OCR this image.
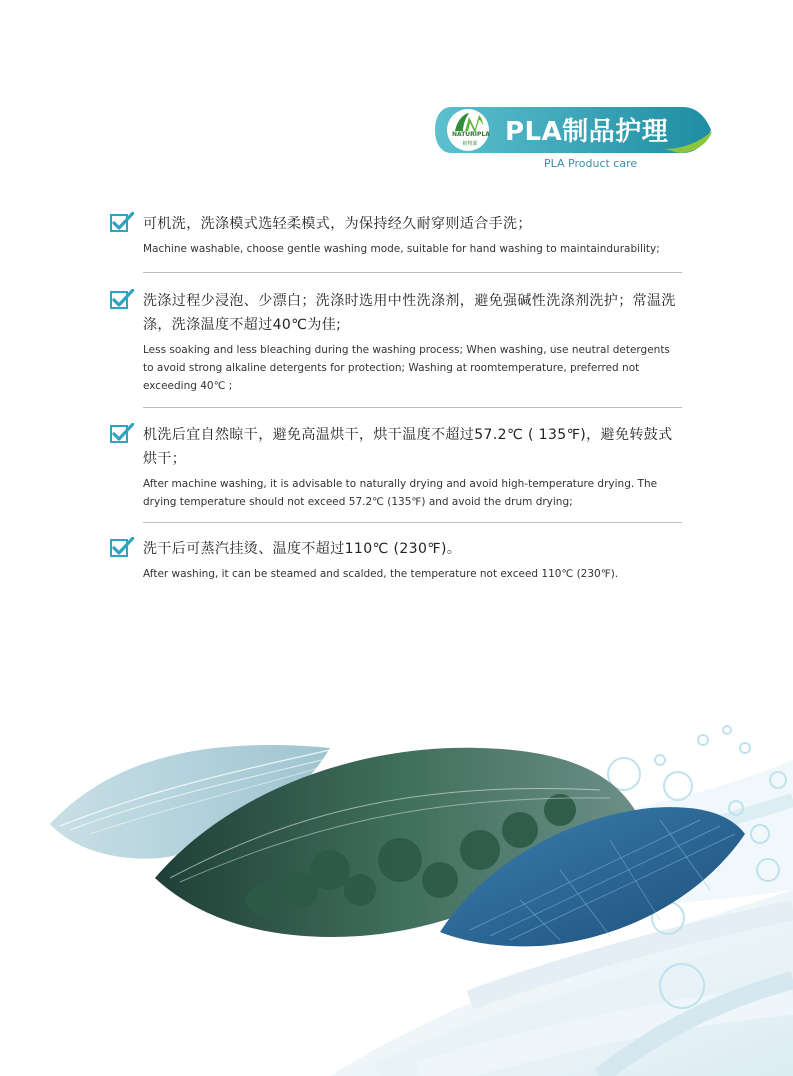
PLA制品护理
NATURIPLA
植物源
PLA Product care
可机洗，洗涤模式选轻柔模式，为保持经久耐穿则适合手洗；
Machine washable, choose gentle washing mode, suitable for hand washing to maintaindurability;
洗涤过程少浸泡、少漂白；洗涤时选用中性洗涤剂，避免强碱性洗涤剂洗护；常温洗涤，洗涤温度不超过40℃为佳;
Less soaking and less bleaching during the washing process; When washing, use neutral detergents to avoid strong alkaline detergents for protection; Washing at roomtemperature, preferred not exceeding 40℃ ;
机洗后宜自然晾干，避免高温烘干，烘干温度不超过57.2℃ ( 135℉)，避免转鼓式烘干；
After machine washing, it is advisable to naturally drying and avoid high-temperature drying. The drying temperature should not exceed 57.2℃ (135℉) and avoid the drum drying;
洗干后可蒸汽挂烫、温度不超过110℃ (230℉)。
After washing, it can be steamed and scalded, the temperature not exceed 110℃ (230℉).
